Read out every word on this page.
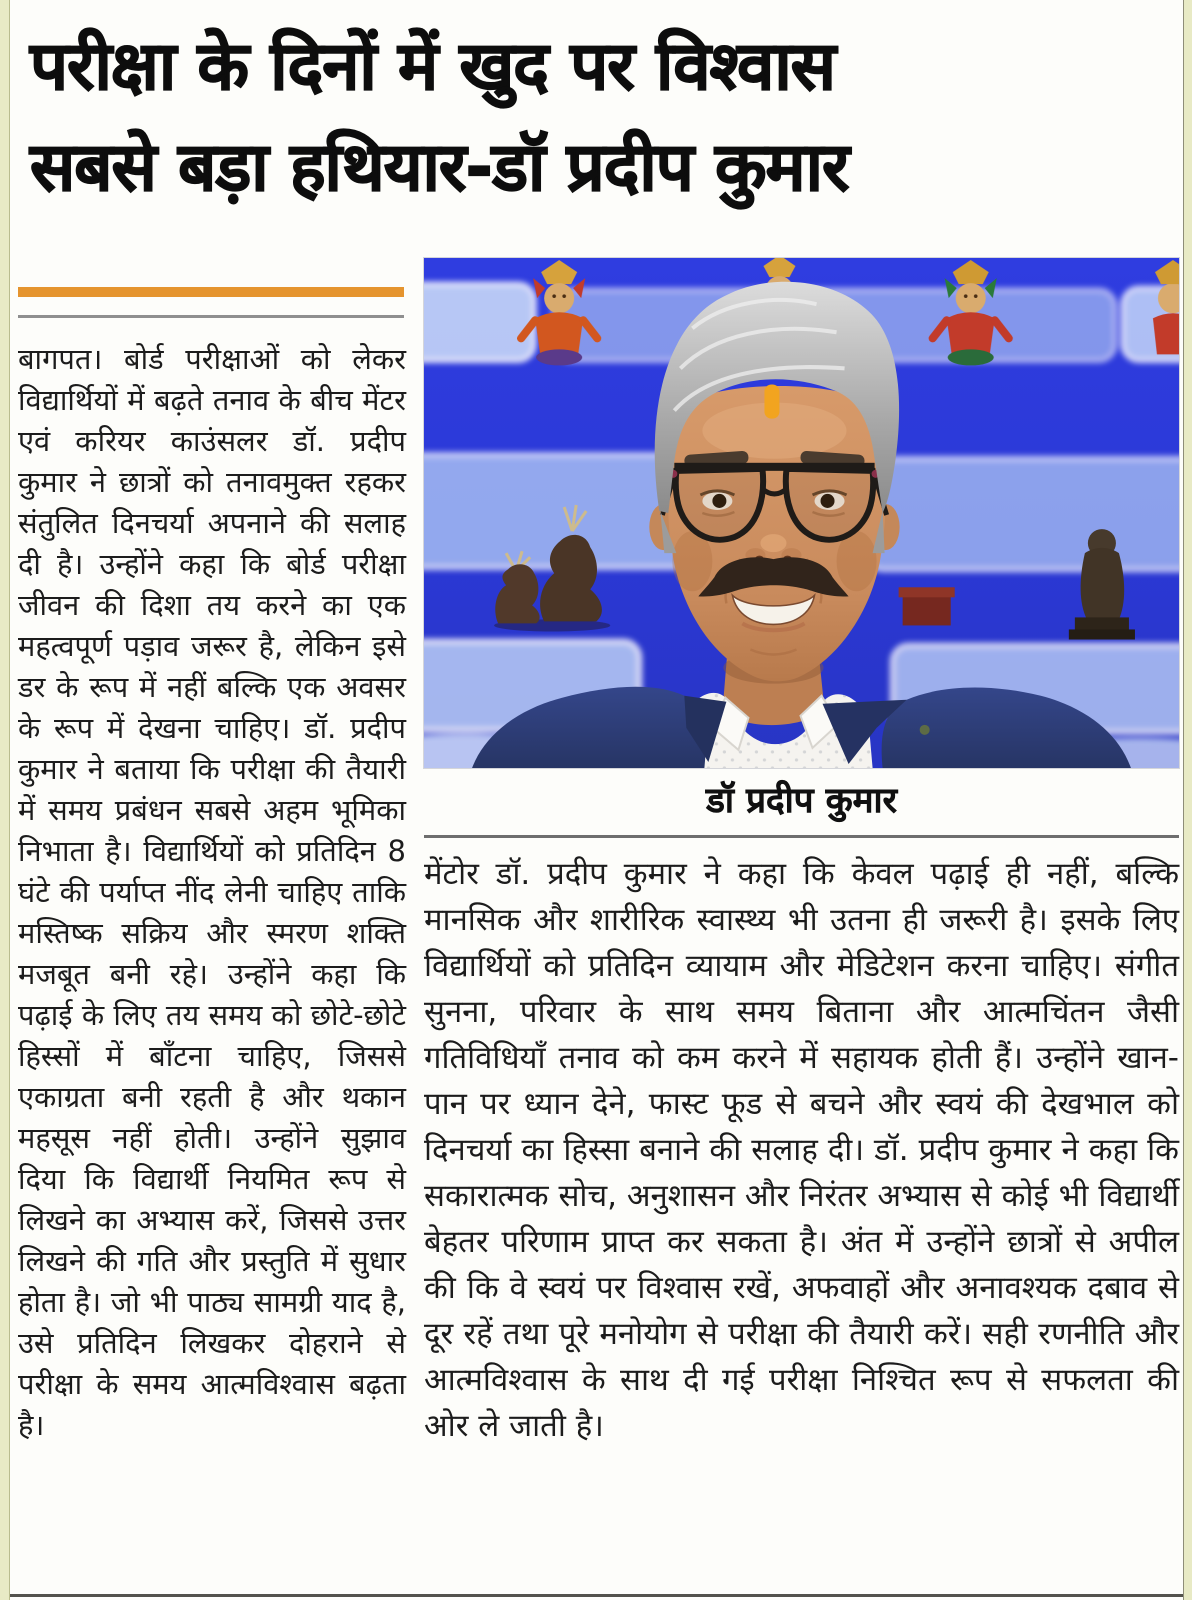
परीक्षा के दिनों में खुद पर विश्वास
सबसे बड़ा हथियार-डॉ प्रदीप कुमार

बागपत। बोर्ड परीक्षाओं को लेकर विद्यार्थियों में बढ़ते तनाव के बीच मेंटर एवं करियर काउंसलर डॉ. प्रदीप कुमार ने छात्रों को तनावमुक्त रहकर संतुलित दिनचर्या अपनाने की सलाह दी है। उन्होंने कहा कि बोर्ड परीक्षा जीवन की दिशा तय करने का एक महत्वपूर्ण पड़ाव जरूर है, लेकिन इसे डर के रूप में नहीं बल्कि एक अवसर के रूप में देखना चाहिए। डॉ. प्रदीप कुमार ने बताया कि परीक्षा की तैयारी में समय प्रबंधन सबसे अहम भूमिका निभाता है। विद्यार्थियों को प्रतिदिन 8 घंटे की पर्याप्त नींद लेनी चाहिए ताकि मस्तिष्क सक्रिय और स्मरण शक्ति मजबूत बनी रहे। उन्होंने कहा कि पढ़ाई के लिए तय समय को छोटे-छोटे हिस्सों में बाँटना चाहिए, जिससे एकाग्रता बनी रहती है और थकान महसूस नहीं होती। उन्होंने सुझाव दिया कि विद्यार्थी नियमित रूप से लिखने का अभ्यास करें, जिससे उत्तर लिखने की गति और प्रस्तुति में सुधार होता है। जो भी पाठ्य सामग्री याद है, उसे प्रतिदिन लिखकर दोहराने से परीक्षा के समय आत्मविश्वास बढ़ता है।

डॉ प्रदीप कुमार

मेंटोर डॉ. प्रदीप कुमार ने कहा कि केवल पढ़ाई ही नहीं, बल्कि मानसिक और शारीरिक स्वास्थ्य भी उतना ही जरूरी है। इसके लिए विद्यार्थियों को प्रतिदिन व्यायाम और मेडिटेशन करना चाहिए। संगीत सुनना, परिवार के साथ समय बिताना और आत्मचिंतन जैसी गतिविधियाँ तनाव को कम करने में सहायक होती हैं। उन्होंने खान-पान पर ध्यान देने, फास्ट फूड से बचने और स्वयं की देखभाल को दिनचर्या का हिस्सा बनाने की सलाह दी। डॉ. प्रदीप कुमार ने कहा कि सकारात्मक सोच, अनुशासन और निरंतर अभ्यास से कोई भी विद्यार्थी बेहतर परिणाम प्राप्त कर सकता है। अंत में उन्होंने छात्रों से अपील की कि वे स्वयं पर विश्वास रखें, अफवाहों और अनावश्यक दबाव से दूर रहें तथा पूरे मनोयोग से परीक्षा की तैयारी करें। सही रणनीति और आत्मविश्वास के साथ दी गई परीक्षा निश्चित रूप से सफलता की ओर ले जाती है।
